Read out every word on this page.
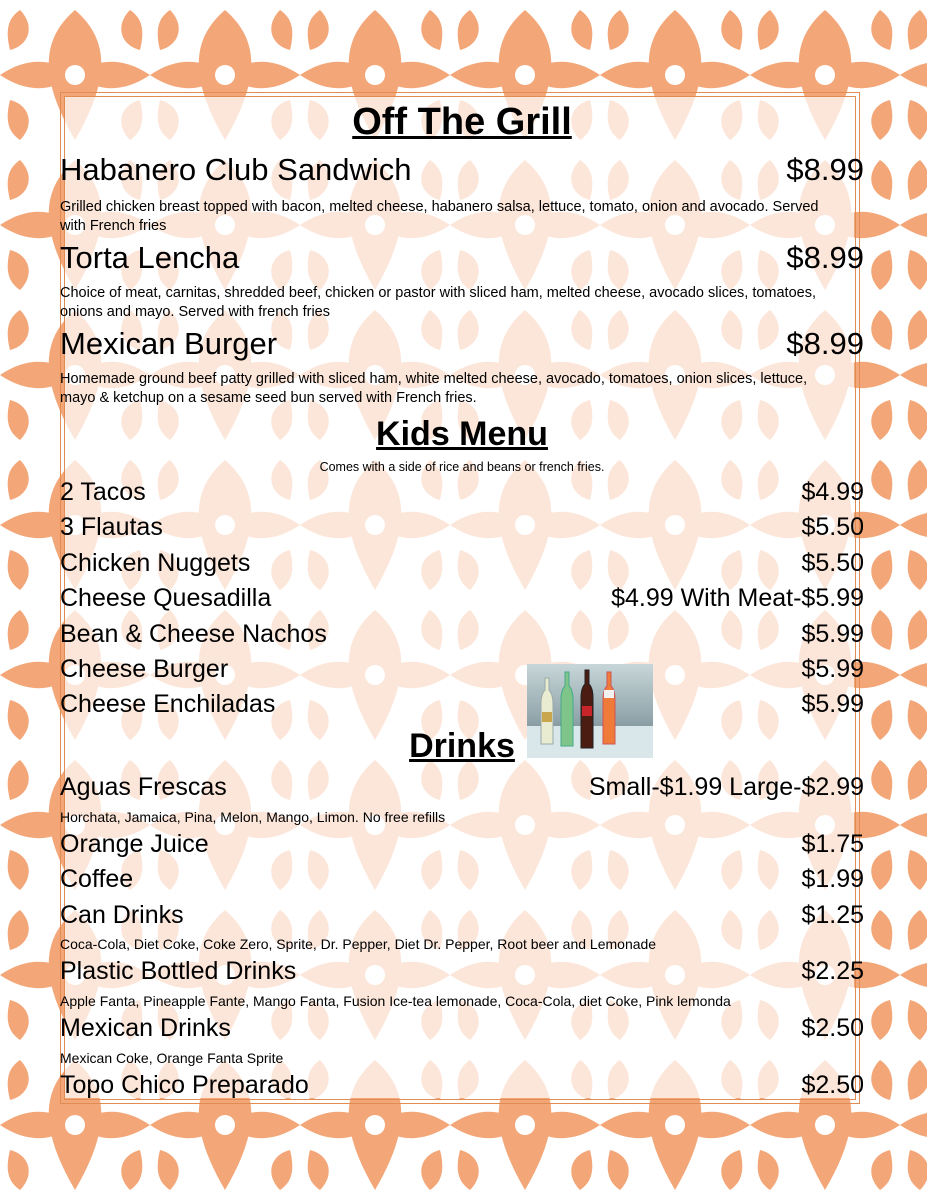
Off The Grill
Habanero Club Sandwich	$8.99
Grilled chicken breast topped with bacon, melted cheese, habanero salsa, lettuce, tomato, onion and avocado. Served with French fries
Torta Lencha	$8.99
Choice of meat, carnitas, shredded beef, chicken or pastor with sliced ham, melted cheese, avocado slices, tomatoes, onions and mayo. Served with french fries
Mexican Burger	$8.99
Homemade ground beef patty grilled with sliced ham, white melted cheese, avocado, tomatoes, onion slices, lettuce, mayo & ketchup on a sesame seed bun served with French fries.
Kids Menu
Comes with a side of rice and beans or french fries.
2 Tacos	$4.99
3 Flautas	$5.50
Chicken Nuggets	$5.50
Cheese Quesadilla	$4.99 With Meat-$5.99
Bean & Cheese Nachos	$5.99
Cheese Burger	$5.99
Cheese Enchiladas	$5.99
Drinks
Aguas Frescas	Small-$1.99 Large-$2.99
Horchata, Jamaica, Pina, Melon, Mango, Limon. No free refills
Orange Juice	$1.75
Coffee	$1.99
Can Drinks	$1.25
Coca-Cola, Diet Coke, Coke Zero, Sprite, Dr. Pepper, Diet Dr. Pepper, Root beer and Lemonade
Plastic Bottled Drinks	$2.25
Apple Fanta, Pineapple Fante, Mango Fanta, Fusion Ice-tea lemonade, Coca-Cola, diet Coke, Pink lemonda
Mexican Drinks	$2.50
Mexican Coke, Orange Fanta Sprite
Topo Chico Preparado	$2.50
